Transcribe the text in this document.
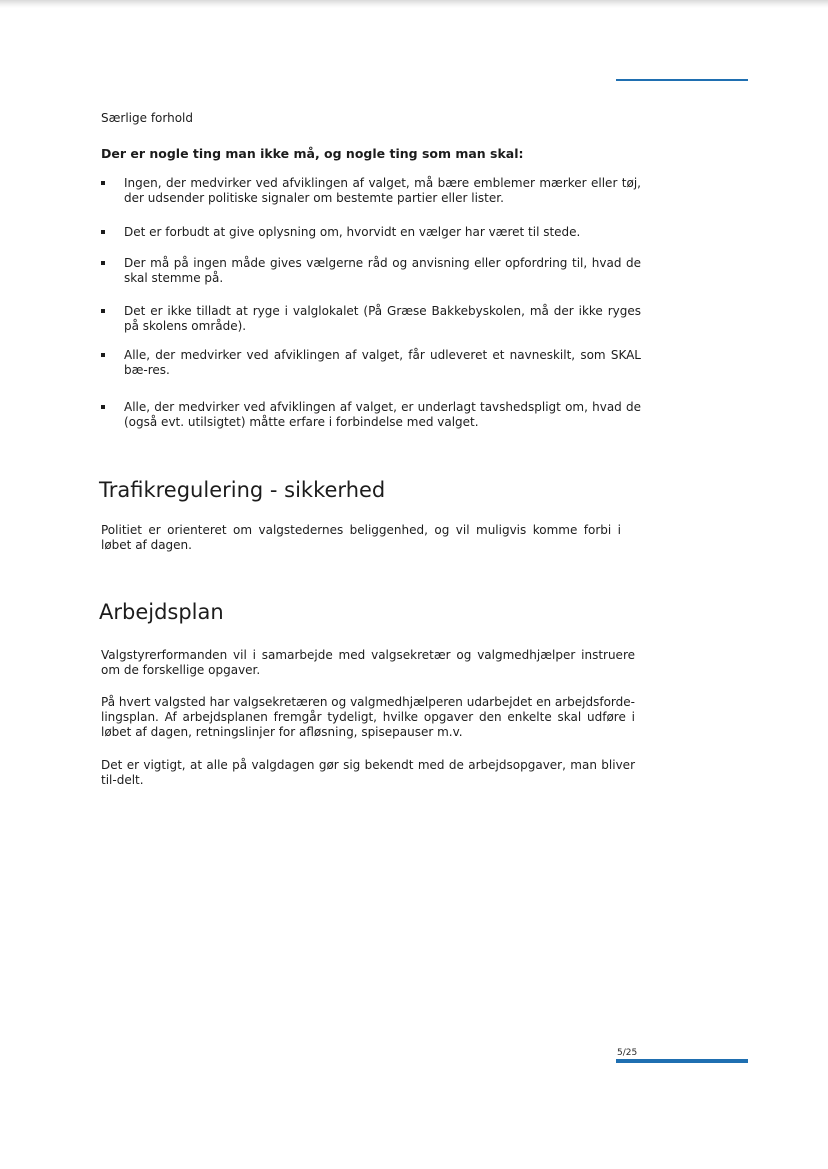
Særlige forhold
Der er nogle ting man ikke må, og nogle ting som man skal:
Ingen, der medvirker ved afviklingen af valget, må bære emblemer mærker eller tøj, der udsender politiske signaler om bestemte partier eller lister.
Det er forbudt at give oplysning om, hvorvidt en vælger har været til stede.
Der må på ingen måde gives vælgerne råd og anvisning eller opfordring til, hvad de skal stemme på.
Det er ikke tilladt at ryge i valglokalet (På Græse Bakkebyskolen, må der ikke ryges på skolens område).
Alle, der medvirker ved afviklingen af valget, får udleveret et navneskilt, som SKAL bæ-res.
Alle, der medvirker ved afviklingen af valget, er underlagt tavshedspligt om, hvad de (også evt. utilsigtet) måtte erfare i forbindelse med valget.
Trafikregulering - sikkerhed

Politiet er orienteret om valgstedernes beliggenhed, og vil muligvis komme forbi i løbet af dagen.

Arbejdsplan

Valgstyrerformanden vil i samarbejde med valgsekretær og valgmedhjælper instruere om de forskellige opgaver.

På hvert valgsted har valgsekretæren og valgmedhjælperen udarbejdet en arbejdsforde-lingsplan. Af arbejdsplanen fremgår tydeligt, hvilke opgaver den enkelte skal udføre i løbet af dagen, retningslinjer for afløsning, spisepauser m.v.

Det er vigtigt, at alle på valgdagen gør sig bekendt med de arbejdsopgaver, man bliver til-delt.

5/25
